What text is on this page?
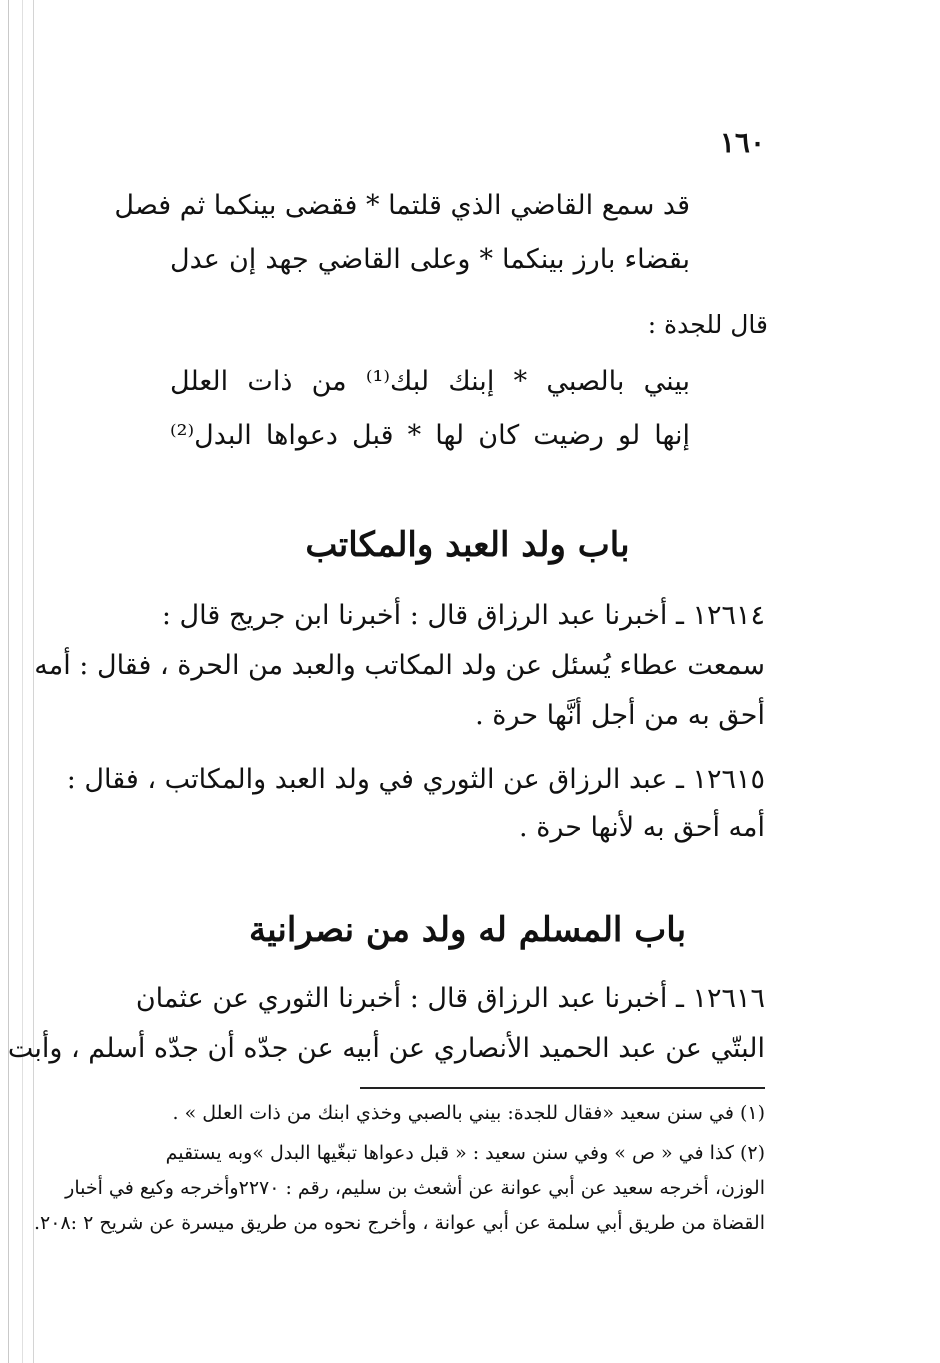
١٦٠
قد سمع القاضي الذي قلتما * فقضى بينكما ثم فصل
بقضاء بارز بينكما * وعلى القاضي جهد إن عدل
قال للجدة :
بيني بالصبي * إبنك لبك⁽¹⁾ من ذات العلل
إنها لو رضيت كان لها * قبل دعواها البدل⁽²⁾
باب ولد العبد والمكاتب
١٢٦١٤ ـ أخبرنا عبد الرزاق قال : أخبرنا ابن جريج قال :
سمعت عطاء يُسئل عن ولد المكاتب والعبد من الحرة ، فقال : أمه
أحق به من أجل أنَّها حرة .
١٢٦١٥ ـ عبد الرزاق عن الثوري في ولد العبد والمكاتب ، فقال :
أمه أحق به لأنها حرة .
باب المسلم له ولد من نصرانية
١٢٦١٦ ـ أخبرنا عبد الرزاق قال : أخبرنا الثوري عن عثمان
البتّي عن عبد الحميد الأنصاري عن أبيه عن جدّه أن جدّه أسلم ، وأبت
(١) في سنن سعيد «فقال للجدة: بيني بالصبي وخذي ابنك من ذات العلل » .
(٢) كذا في « ص » وفي سنن سعيد : « قبل دعواها تبغّيها البدل »وبه يستقيم
الوزن، أخرجه سعيد عن أبي عوانة عن أشعث بن سليم، رقم : ٢٢٧٠وأخرجه وكيع في أخبار
القضاة من طريق أبي سلمة عن أبي عوانة ، وأخرج نحوه من طريق ميسرة عن شريح ٢ :٢٠٨.
